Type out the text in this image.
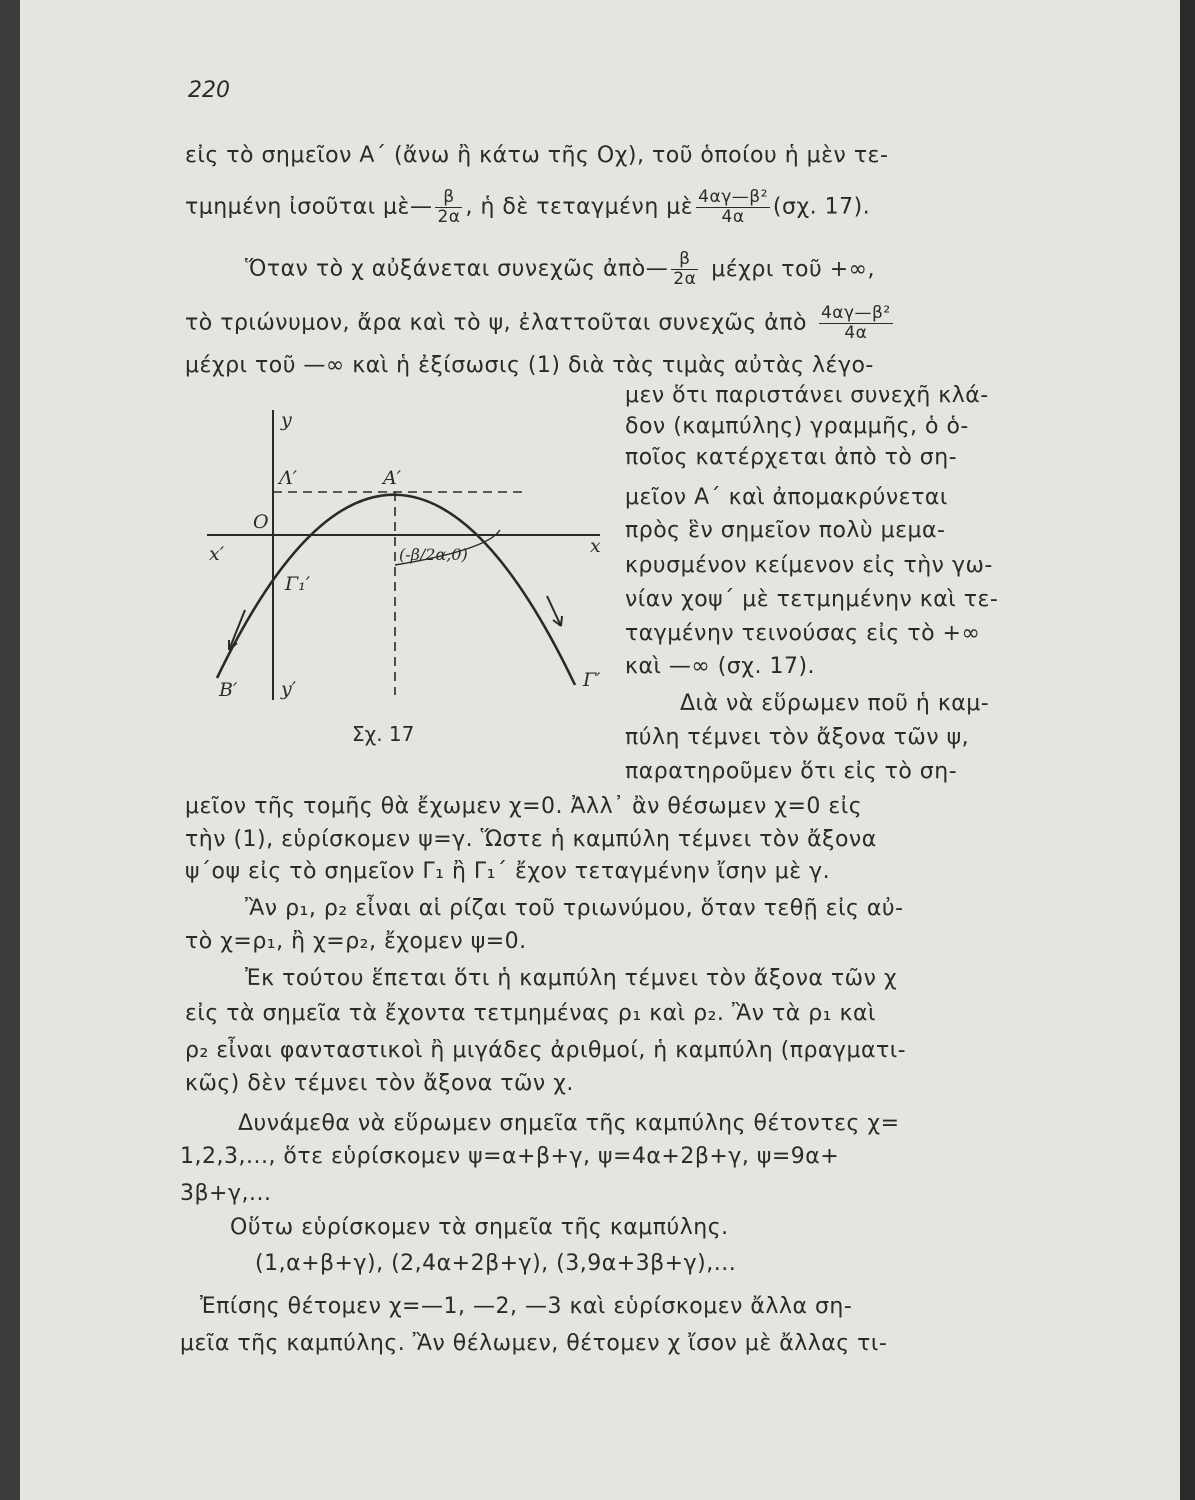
220
εἰς τὸ σημεῖον Α΄ (ἄνω ἢ κάτω τῆς Οχ), τοῦ ὁποίου ἡ μὲν τε-
τμημένη ἰσοῦται μὲ— $\frac{\beta}{2\alpha}$ , ἡ δὲ τεταγμένη μὲ $\frac{\text{4αγ—β²}}{4\alpha} (\sigma\chi$. 17).
Ὅταν τὸ χ αὐξάνεται συνεχῶς ἀπὸ— $\frac{\beta}{2\alpha}$ μέχρι τοῦ +∞,
τὸ τριώνυμον, ἄρα καὶ τὸ ψ, ἐλαττοῦται συνεχῶς ἀπὸ $\frac{\text{4αγ—β²}}{4\alpha}$
μέχρι τοῦ —∞ καὶ ἡ ἐξίσωσις (1) διὰ τὰς τιμὰς αὐτὰς λέγο-
μεν ὅτι παριστάνει συνεχῆ κλά-
δον (καμπύλης) γραμμῆς, ὁ ὁ-
ποῖος κατέρχεται ἀπὸ τὸ ση-
μεῖον Α΄ καὶ ἀπομακρύνεται
πρὸς ἓν σημεῖον πολὺ μεμα-
κρυσμένον κείμενον εἰς τὴν γω-
νίαν χοψ΄ μὲ τετμημένην καὶ τε-
ταγμένην τεινούσας εἰς τὸ +∞
καὶ —∞ (σχ. 17).
Διὰ νὰ εὕρωμεν ποῦ ἡ καμ-
πύλη τέμνει τὸν ἄξονα τῶν ψ,
παρατηροῦμεν ὅτι εἰς τὸ ση-
y
y′
x
x′
O
Λ′	A′
Γ₁′
B′	Γ′
(-β/2α,0)
Σχ. 17
μεῖον τῆς τομῆς θὰ ἔχωμεν χ=0. Ἀλλ᾽ ἂν θέσωμεν χ=0 εἰς
τὴν (1), εὑρίσκομεν ψ=γ. Ὥστε ἡ καμπύλη τέμνει τὸν ἄξονα
ψ΄οψ εἰς τὸ σημεῖον Γ₁ ἢ Γ₁΄ ἔχον τεταγμένην ἴσην μὲ γ.
Ἂν ρ₁, ρ₂ εἶναι αἱ ρίζαι τοῦ τριωνύμου, ὅταν τεθῇ εἰς αὐ-
τὸ χ=ρ₁, ἢ χ=ρ₂, ἔχομεν ψ=0.
Ἐκ τούτου ἕπεται ὅτι ἡ καμπύλη τέμνει τὸν ἄξονα τῶν χ
εἰς τὰ σημεῖα τὰ ἔχοντα τετμημένας ρ₁ καὶ ρ₂. Ἂν τὰ ρ₁ καὶ
ρ₂ εἶναι φανταστικοὶ ἢ μιγάδες ἀριθμοί, ἡ καμπύλη (πραγματι-
κῶς) δὲν τέμνει τὸν ἄξονα τῶν χ.
Δυνάμεθα νὰ εὕρωμεν σημεῖα τῆς καμπύλης θέτοντες χ=
1,2,3,..., ὅτε εὑρίσκομεν ψ=α+β+γ, ψ=4α+2β+γ, ψ=9α+
3β+γ,...
Οὕτω εὑρίσκομεν τὰ σημεῖα τῆς καμπύλης.
(1,α+β+γ), (2,4α+2β+γ), (3,9α+3β+γ),...
Ἐπίσης θέτομεν χ=—1, —2, —3 καὶ εὑρίσκομεν ἄλλα ση-
μεῖα τῆς καμπύλης. Ἂν θέλωμεν, θέτομεν χ ἴσον μὲ ἄλλας τι-
